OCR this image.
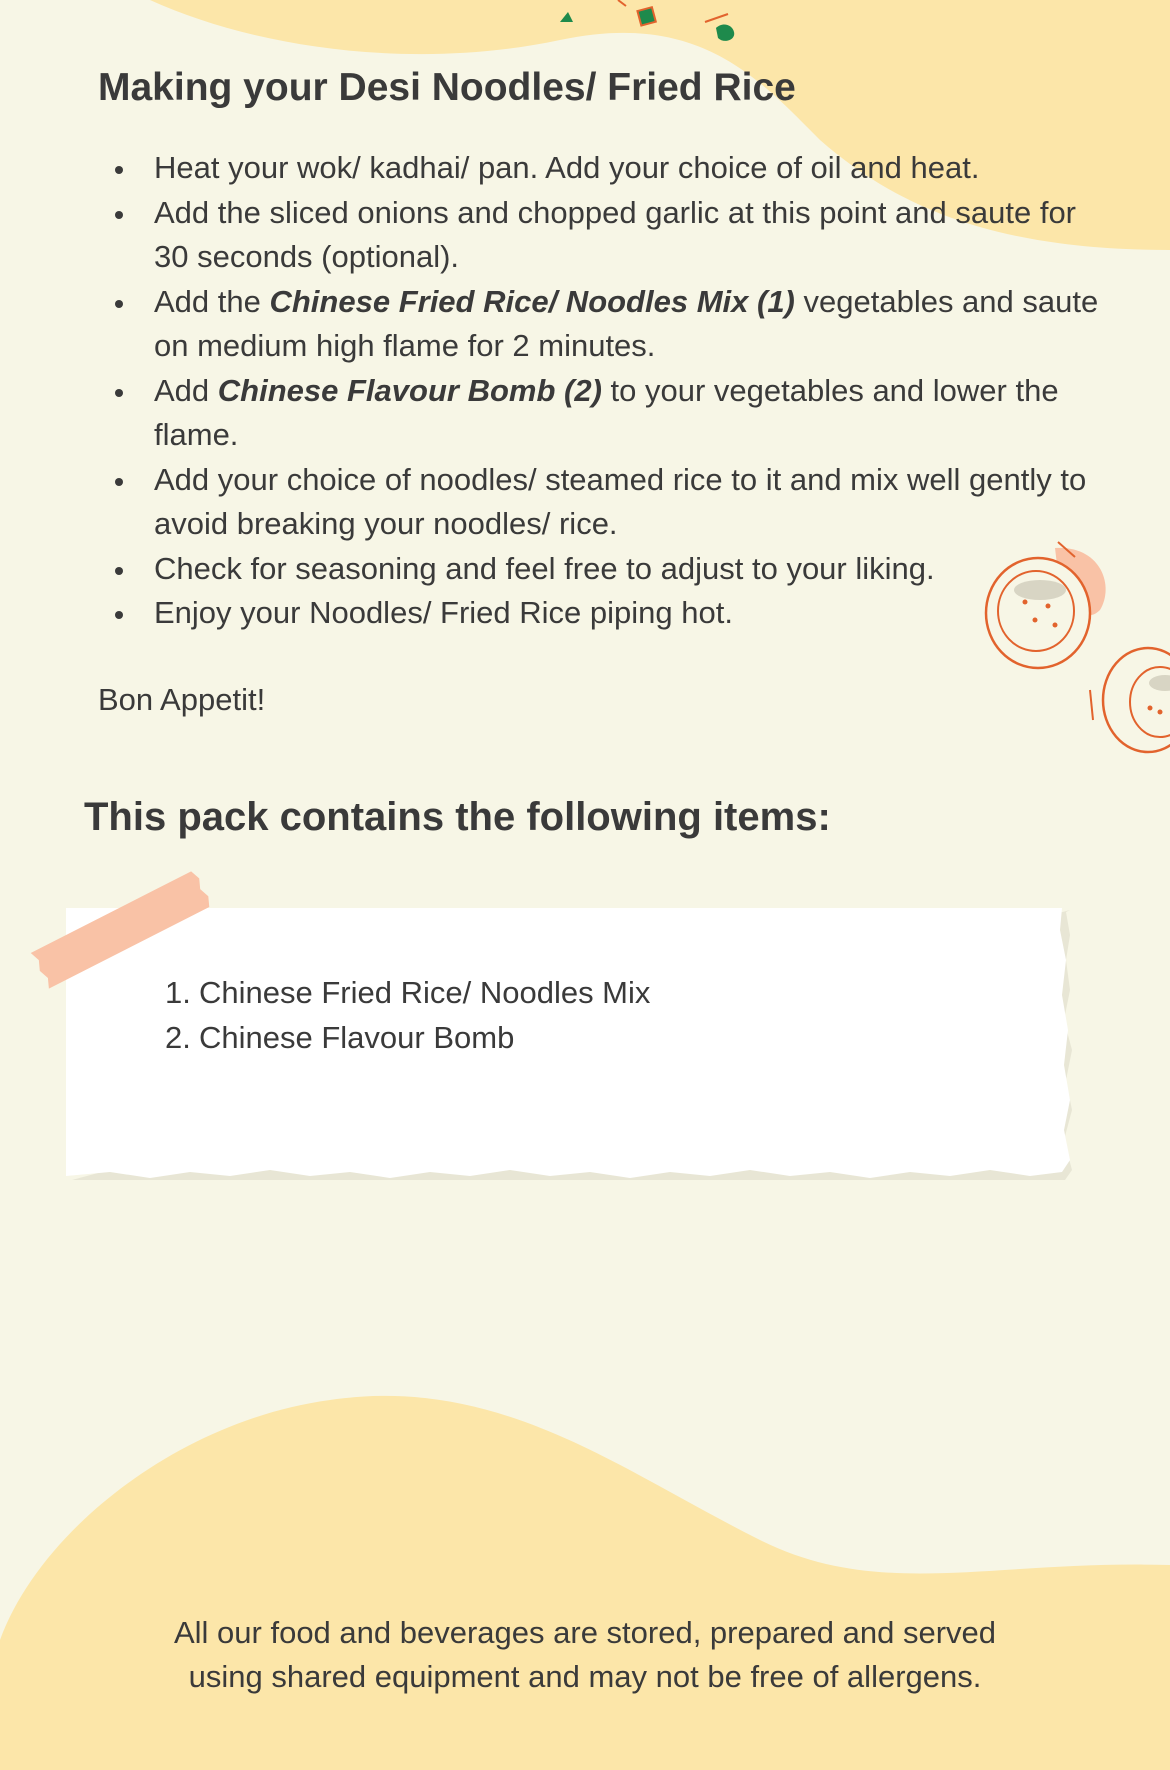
Making your Desi Noodles/ Fried Rice
Heat your wok/ kadhai/ pan. Add your choice of oil and heat.
Add the sliced onions and chopped garlic at this point and saute for 30 seconds (optional).
Add the Chinese Fried Rice/ Noodles Mix (1) vegetables and saute on medium high flame for 2 minutes.
Add Chinese Flavour Bomb (2) to your vegetables and lower the flame.
Add your choice of noodles/ steamed rice to it and mix well gently to avoid breaking your noodles/ rice.
Check for seasoning and feel free to adjust to your liking.
Enjoy your Noodles/ Fried Rice piping hot.
Bon Appetit!
This pack contains the following items:
1. Chinese Fried Rice/ Noodles Mix
2. Chinese Flavour Bomb
All our food and beverages are stored, prepared and served
using shared equipment and may not be free of allergens.
